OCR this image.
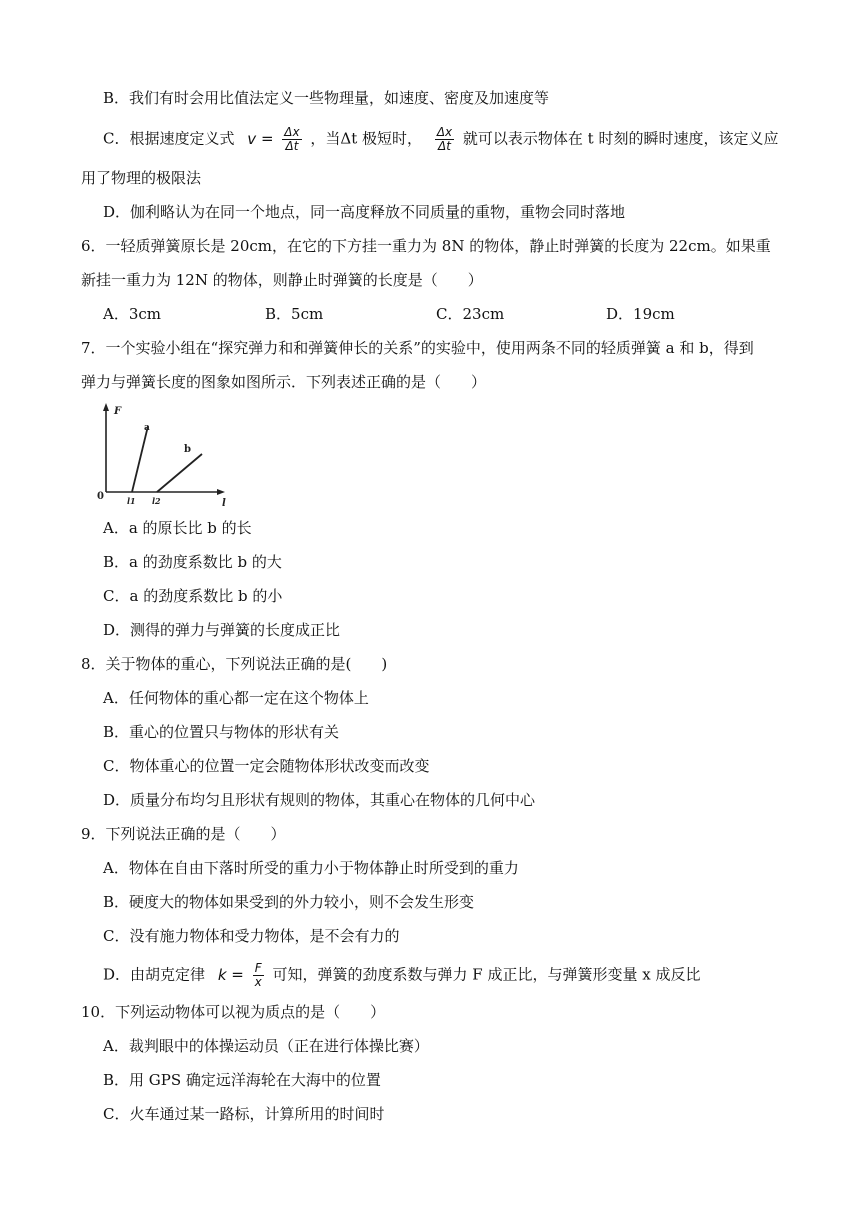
B．我们有时会用比值法定义一些物理量，如速度、密度及加速度等
C．根据速度定义式 $v = \frac{\Delta x}{\Delta t}$ ，当Δt 极短时， $\frac{\Delta x}{\Delta t}$ 就可以表示物体在 t 时刻的瞬时速度，该定义应
用了物理的极限法
D．伽利略认为在同一个地点，同一高度释放不同质量的重物，重物会同时落地
6．一轻质弹簧原长是 20cm，在它的下方挂一重力为 8N 的物体，静止时弹簧的长度为 22cm。如果重
新挂一重力为 12N 的物体，则静止时弹簧的长度是（　　）
A．3cm	B．5cm	C．23cm	D．19cm
7．一个实验小组在“探究弹力和和弹簧伸长的关系”的实验中，使用两条不同的轻质弹簧 a 和 b，得到
弹力与弹簧长度的图象如图所示．下列表述正确的是（　　）
F
l
0	l1 l2
a
b
A．a 的原长比 b 的长
B．a 的劲度系数比 b 的大
C．a 的劲度系数比 b 的小
D．测得的弹力与弹簧的长度成正比
8．关于物体的重心，下列说法正确的是(　　)
A．任何物体的重心都一定在这个物体上
B．重心的位置只与物体的形状有关
C．物体重心的位置一定会随物体形状改变而改变
D．质量分布均匀且形状有规则的物体，其重心在物体的几何中心
9．下列说法正确的是（　　）
A．物体在自由下落时所受的重力小于物体静止时所受到的重力
B．硬度大的物体如果受到的外力较小，则不会发生形变
C．没有施力物体和受力物体，是不会有力的
D．由胡克定律 $k = \frac{F}{x}$ 可知，弹簧的劲度系数与弹力 F 成正比，与弹簧形变量 x 成反比
10．下列运动物体可以视为质点的是（　　）
A．裁判眼中的体操运动员（正在进行体操比赛）
B．用 GPS 确定远洋海轮在大海中的位置
C．火车通过某一路标，计算所用的时间时
